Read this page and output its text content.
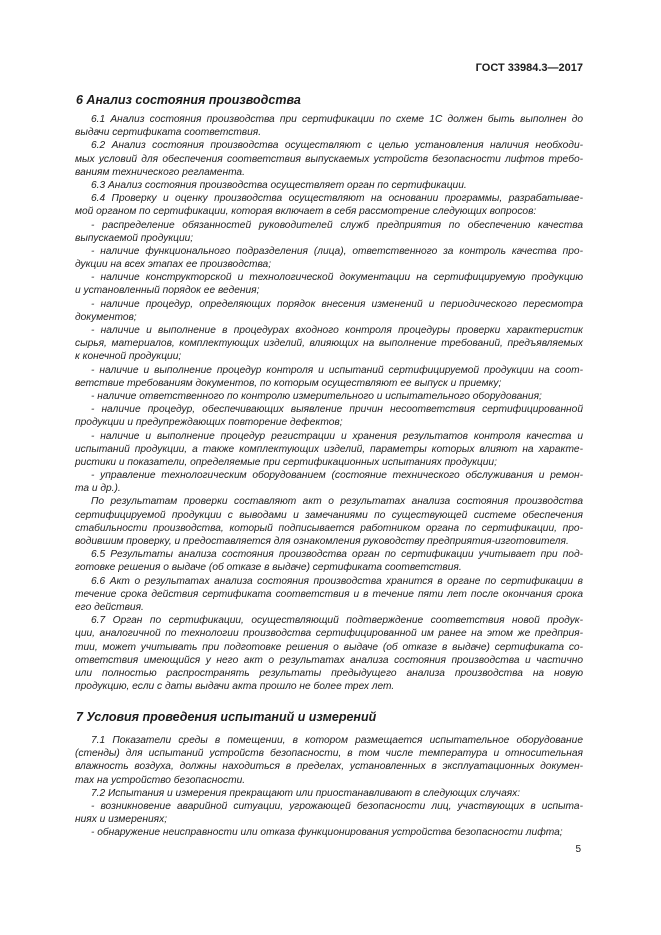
ГОСТ 33984.3—2017
6 Анализ состояния производства
6.1 Анализ состояния производства при сертификации по схеме 1С должен быть выполнен до
выдачи сертификата соответствия.
6.2 Анализ состояния производства осуществляют с целью установления наличия необходи-
мых условий для обеспечения соответствия выпускаемых устройств безопасности лифтов требо-
ваниям технического регламента.
6.3 Анализ состояния производства осуществляет орган по сертификации.
6.4 Проверку и оценку производства осуществляют на основании программы, разрабатывае-
мой органом по сертификации, которая включает в себя рассмотрение следующих вопросов:
- распределение обязанностей руководителей служб предприятия по обеспечению качества
выпускаемой продукции;
- наличие функционального подразделения (лица), ответственного за контроль качества про-
дукции на всех этапах ее производства;
- наличие конструкторской и технологической документации на сертифицируемую продукцию
и установленный порядок ее ведения;
- наличие процедур, определяющих порядок внесения изменений и периодического пересмотра
документов;
- наличие и выполнение в процедурах входного контроля процедуры проверки характеристик
сырья, материалов, комплектующих изделий, влияющих на выполнение требований, предъявляемых
к конечной продукции;
- наличие и выполнение процедур контроля и испытаний сертифицируемой продукции на соот-
ветствие требованиям документов, по которым осуществляют ее выпуск и приемку;
- наличие ответственного по контролю измерительного и испытательного оборудования;
- наличие процедур, обеспечивающих выявление причин несоответствия сертифицированной
продукции и предупреждающих повторение дефектов;
- наличие и выполнение процедур регистрации и хранения результатов контроля качества и
испытаний продукции, а также комплектующих изделий, параметры которых влияют на характе-
ристики и показатели, определяемые при сертификационных испытаниях продукции;
- управление технологическим оборудованием (состояние технического обслуживания и ремон-
та и др.).
По результатам проверки составляют акт о результатах анализа состояния производства
сертифицируемой продукции с выводами и замечаниями по существующей системе обеспечения
стабильности производства, который подписывается работником органа по сертификации, про-
водившим проверку, и предоставляется для ознакомления руководству предприятия-изготовителя.
6.5 Результаты анализа состояния производства орган по сертификации учитывает при под-
готовке решения о выдаче (об отказе в выдаче) сертификата соответствия.
6.6 Акт о результатах анализа состояния производства хранится в органе по сертификации в
течение срока действия сертификата соответствия и в течение пяти лет после окончания срока
его действия.
6.7 Орган по сертификации, осуществляющий подтверждение соответствия новой продук-
ции, аналогичной по технологии производства сертифицированной им ранее на этом же предприя-
тии, может учитывать при подготовке решения о выдаче (об отказе в выдаче) сертификата со-
ответствия имеющийся у него акт о результатах анализа состояния производства и частично
или полностью распространять результаты предыдущего анализа производства на новую
продукцию, если с даты выдачи акта прошло не более трех лет.
7 Условия проведения испытаний и измерений
7.1 Показатели среды в помещении, в котором размещается испытательное оборудование
(стенды) для испытаний устройств безопасности, в том числе температура и относительная
влажность воздуха, должны находиться в пределах, установленных в эксплуатационных докумен-
тах на устройство безопасности.
7.2 Испытания и измерения прекращают или приостанавливают в следующих случаях:
- возникновение аварийной ситуации, угрожающей безопасности лиц, участвующих в испыта-
ниях и измерениях;
- обнаружение неисправности или отказа функционирования устройства безопасности лифта;
5
